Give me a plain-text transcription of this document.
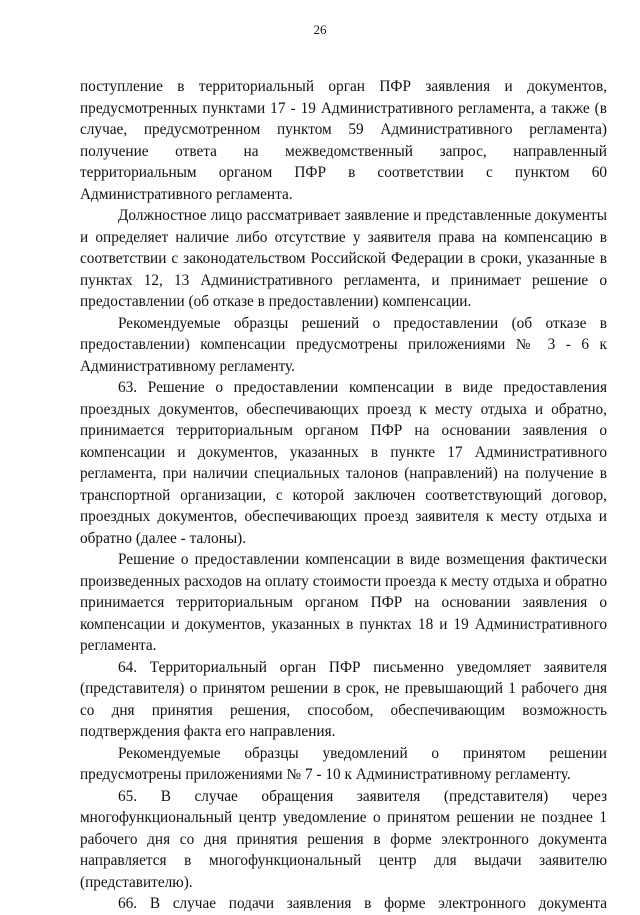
26

поступление в территориальный орган ПФР заявления и документов, предусмотренных пунктами 17 - 19 Административного регламента, а также (в случае, предусмотренном пунктом 59 Административного регламента) получение ответа на межведомственный запрос, направленный территориальным органом ПФР в соответствии с пунктом 60 Административного регламента.

Должностное лицо рассматривает заявление и представленные документы и определяет наличие либо отсутствие у заявителя права на компенсацию в соответствии с законодательством Российской Федерации в сроки, указанные в пунктах 12, 13 Административного регламента, и принимает решение о предоставлении (об отказе в предоставлении) компенсации.

Рекомендуемые образцы решений о предоставлении (об отказе в предоставлении) компенсации предусмотрены приложениями № 3 - 6 к Административному регламенту.

63. Решение о предоставлении компенсации в виде предоставления проездных документов, обеспечивающих проезд к месту отдыха и обратно, принимается территориальным органом ПФР на основании заявления о компенсации и документов, указанных в пункте 17 Административного регламента, при наличии специальных талонов (направлений) на получение в транспортной организации, с которой заключен соответствующий договор, проездных документов, обеспечивающих проезд заявителя к месту отдыха и обратно (далее - талоны).

Решение о предоставлении компенсации в виде возмещения фактически произведенных расходов на оплату стоимости проезда к месту отдыха и обратно принимается территориальным органом ПФР на основании заявления о компенсации и документов, указанных в пунктах 18 и 19 Административного регламента.

64. Территориальный орган ПФР письменно уведомляет заявителя (представителя) о принятом решении в срок, не превышающий 1 рабочего дня со дня принятия решения, способом, обеспечивающим возможность подтверждения факта его направления.

Рекомендуемые образцы уведомлений о принятом решении предусмотрены приложениями № 7 - 10 к Административному регламенту.

65. В случае обращения заявителя (представителя) через многофункциональный центр уведомление о принятом решении не позднее 1 рабочего дня со дня принятия решения в форме электронного документа направляется в многофункциональный центр для выдачи заявителю (представителю).

66. В случае подачи заявления в форме электронного документа
